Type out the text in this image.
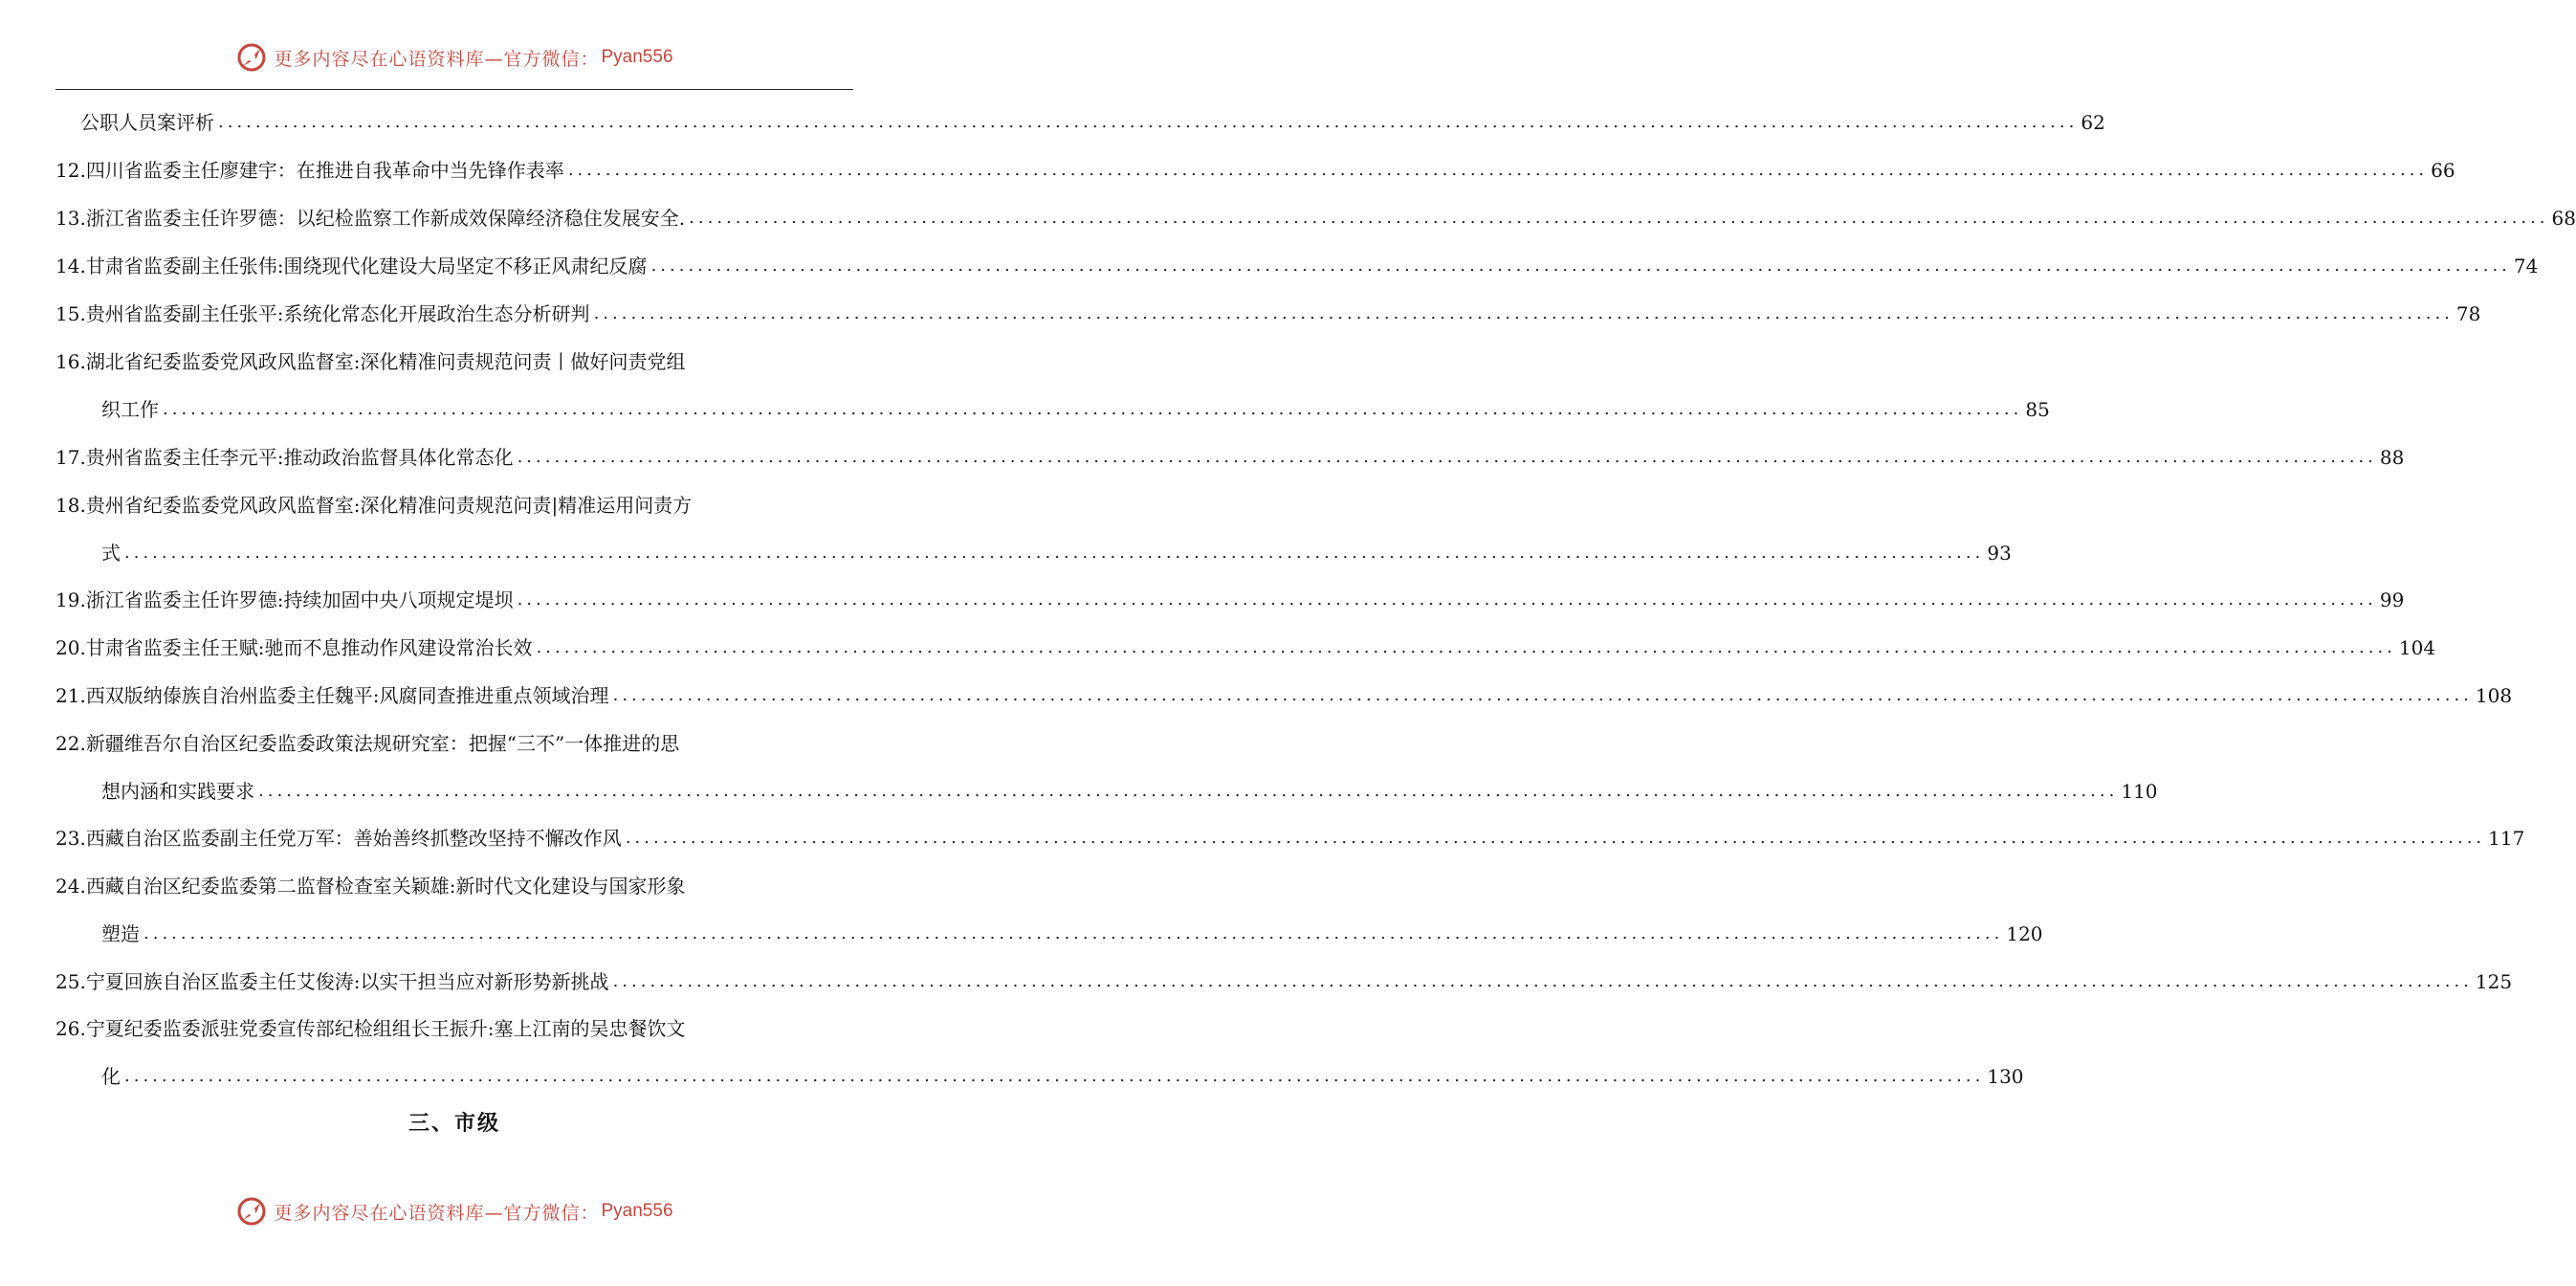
更多内容尽在心语资料库 —官方微信： Pyan556
公职人员案评析 ........................................................................................................................................................................................................ 62
12. 四川省监委主任廖建宇：在推进自我革命中当先锋作表率 ........................................................................................................................................................................................................ 66
13. 浙江省监委主任许罗德：以纪检监察工作新成效保障经济稳住发展安全. ........................................................................................................................................................................................................ 68
14. 甘肃省监委副主任张伟:围绕现代化建设大局坚定不移正风肃纪反腐 ........................................................................................................................................................................................................ 74
15. 贵州省监委副主任张平:系统化常态化开展政治生态分析研判 ........................................................................................................................................................................................................ 78
16. 湖北省纪委监委党风政风监督室:深化精准问责规范问责丨做好问责党组
织工作 ........................................................................................................................................................................................................ 85
17. 贵州省监委主任李元平:推动政治监督具体化常态化 ........................................................................................................................................................................................................ 88
18. 贵州省纪委监委党风政风监督室:深化精准问责规范问责|精准运用问责方
式 ........................................................................................................................................................................................................ 93
19. 浙江省监委主任许罗德:持续加固中央八项规定堤坝 ........................................................................................................................................................................................................ 99
20. 甘肃省监委主任王赋:驰而不息推动作风建设常治长效 ........................................................................................................................................................................................................ 104
21. 西双版纳傣族自治州监委主任魏平:风腐同查推进重点领域治理 ........................................................................................................................................................................................................ 108
22. 新疆维吾尔自治区纪委监委政策法规研究室：把握“三不”一体推进的思
想内涵和实践要求 ........................................................................................................................................................................................................ 110
23. 西藏自治区监委副主任党万军：善始善终抓整改坚持不懈改作风 ........................................................................................................................................................................................................ 117
24. 西藏自治区纪委监委第二监督检查室关颖雄:新时代文化建设与国家形象
塑造 ........................................................................................................................................................................................................ 120
25. 宁夏回族自治区监委主任艾俊涛:以实干担当应对新形势新挑战 ........................................................................................................................................................................................................ 125
26. 宁夏纪委监委派驻党委宣传部纪检组组长王振升:塞上江南的吴忠餐饮文
化 ........................................................................................................................................................................................................ 130
三、市级
更多内容尽在心语资料库 —官方微信： Pyan556
